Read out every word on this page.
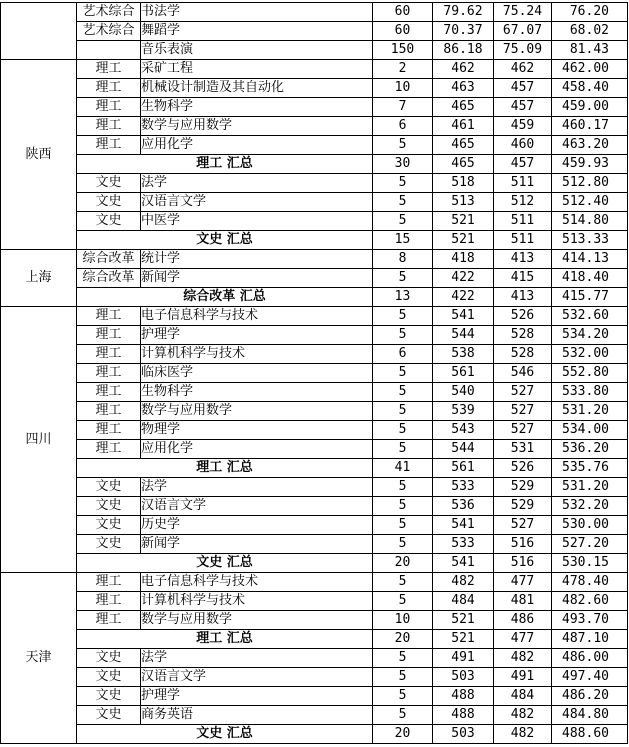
	艺术综合	书法学	60	79.62	75.24	76.20
	艺术综合	舞蹈学	60	70.37	67.07	68.02
		音乐表演	150	86.18	75.09	81.43
陕西	理工	采矿工程	2	462	462	462.00
	理工	机械设计制造及其自动化	10	463	457	458.40
	理工	生物科学	7	465	457	459.00
	理工	数学与应用数学	6	461	459	460.17
	理工	应用化学	5	465	460	463.20
	理工 汇总		30	465	457	459.93
	文史	法学	5	518	511	512.80
	文史	汉语言文学	5	513	512	512.40
	文史	中医学	5	521	511	514.80
	文史 汇总		15	521	511	513.33
上海	综合改革	统计学	8	418	413	414.13
	综合改革	新闻学	5	422	415	418.40
	综合改革 汇总		13	422	413	415.77
四川	理工	电子信息科学与技术	5	541	526	532.60
	理工	护理学	5	544	528	534.20
	理工	计算机科学与技术	6	538	528	532.00
	理工	临床医学	5	561	546	552.80
	理工	生物科学	5	540	527	533.80
	理工	数学与应用数学	5	539	527	531.20
	理工	物理学	5	543	527	534.00
	理工	应用化学	5	544	531	536.20
	理工 汇总		41	561	526	535.76
	文史	法学	5	533	529	531.20
	文史	汉语言文学	5	536	529	532.20
	文史	历史学	5	541	527	530.00
	文史	新闻学	5	533	516	527.20
	文史 汇总		20	541	516	530.15
天津	理工	电子信息科学与技术	5	482	477	478.40
	理工	计算机科学与技术	5	484	481	482.60
	理工	数学与应用数学	10	521	486	493.70
	理工 汇总		20	521	477	487.10
	文史	法学	5	491	482	486.00
	文史	汉语言文学	5	503	491	497.40
	文史	护理学	5	488	484	486.20
	文史	商务英语	5	488	482	484.80
	文史 汇总		20	503	482	488.60
